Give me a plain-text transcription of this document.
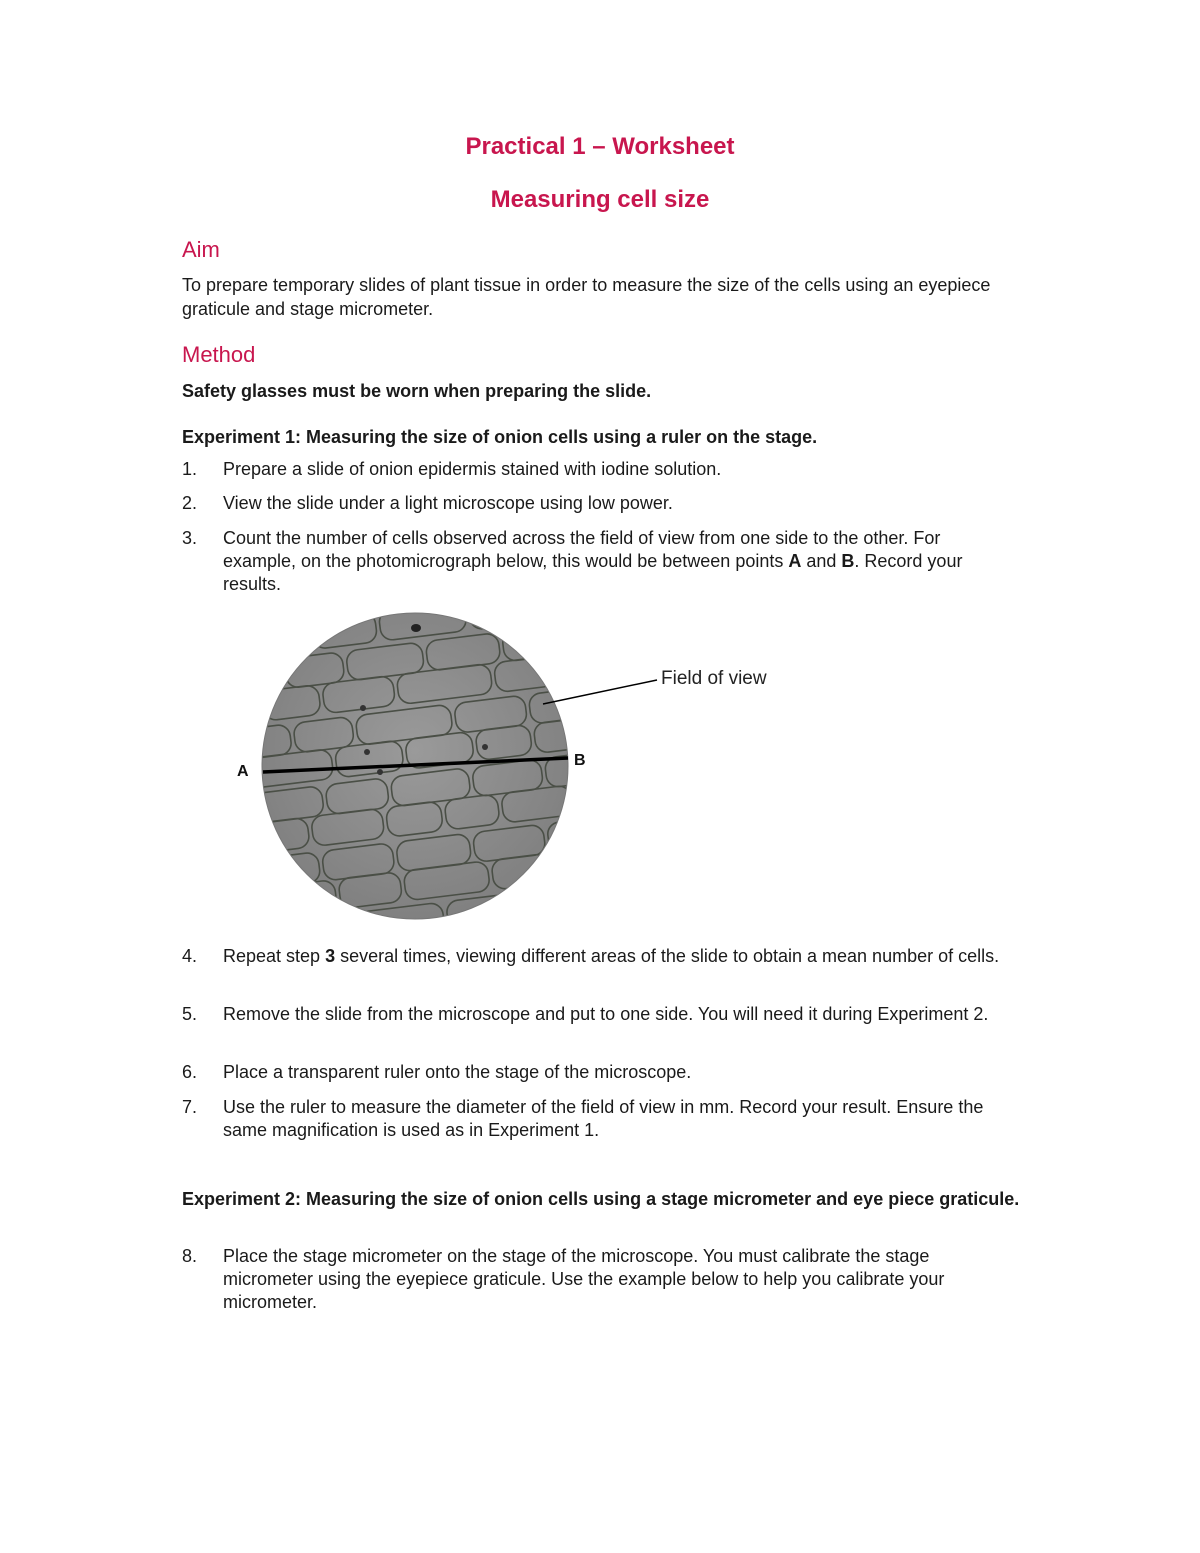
Practical 1 – Worksheet
Measuring cell size
Aim

To prepare temporary slides of plant tissue in order to measure the size of the cells using an eyepiece graticule and stage micrometer.

Method

Safety glasses must be worn when preparing the slide.

Experiment 1: Measuring the size of onion cells using a ruler on the stage.

1.	Prepare a slide of onion epidermis stained with iodine solution.
2.	View the slide under a light microscope using low power.
3.	Count the number of cells observed across the field of view from one side to the other. For example, on the photomicrograph below, this would be between points A and B. Record your results.
A
B
Field of view
4.	Repeat step 3 several times, viewing different areas of the slide to obtain a mean number of cells.
5.	Remove the slide from the microscope and put to one side. You will need it during Experiment 2.
6.	Place a transparent ruler onto the stage of the microscope.
7.	Use the ruler to measure the diameter of the field of view in mm. Record your result. Ensure the same magnification is used as in Experiment 1.

Experiment 2: Measuring the size of onion cells using a stage micrometer and eye piece graticule.

8.	Place the stage micrometer on the stage of the microscope. You must calibrate the stage micrometer using the eyepiece graticule. Use the example below to help you calibrate your micrometer.
